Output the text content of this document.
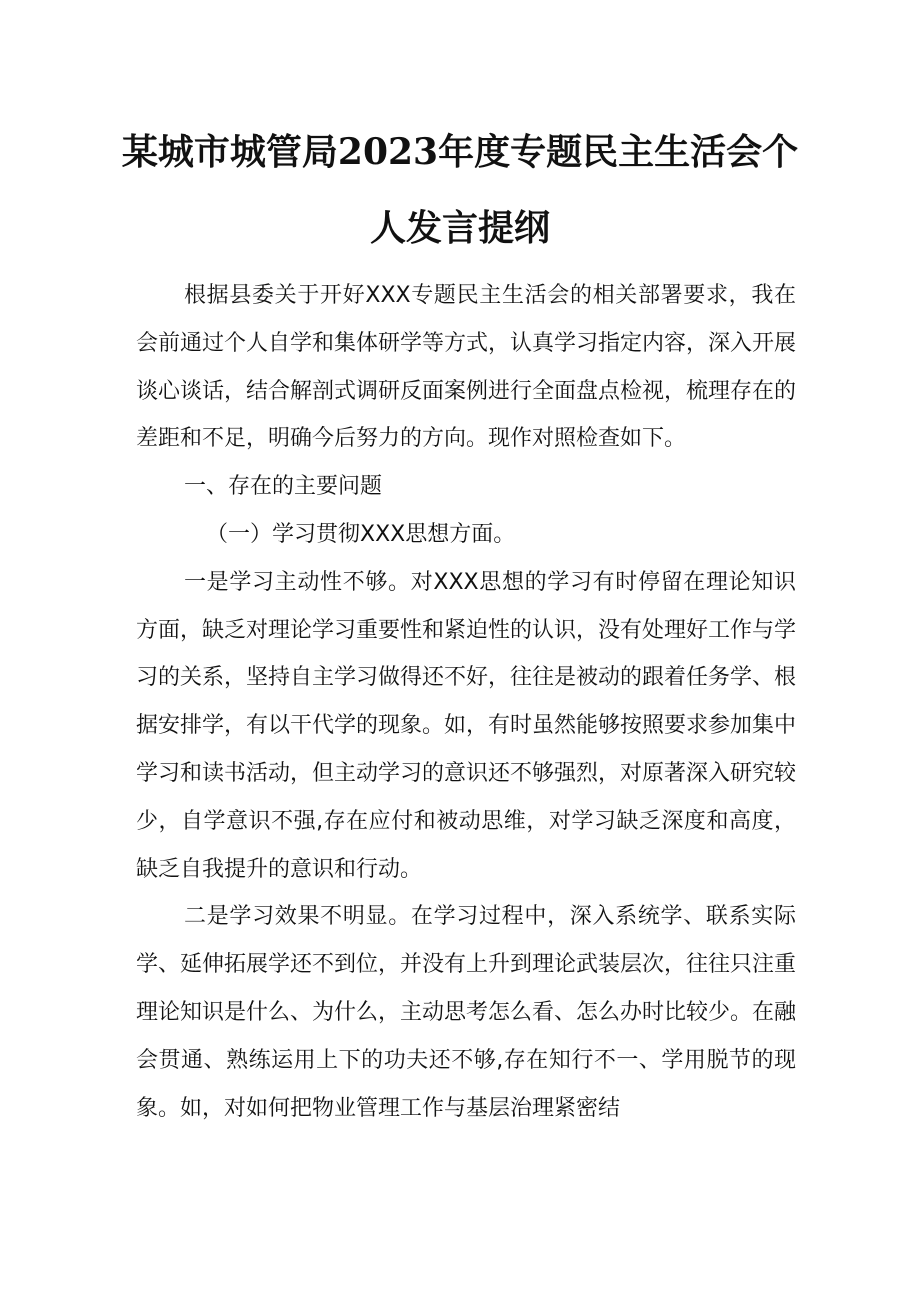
某城市城管局2023年度专题民主生活会个
人发言提纲

根据县委关于开好XXX专题民主生活会的相关部署要求，我在会前通过个人自学和集体研学等方式，认真学习指定内容，深入开展谈心谈话，结合解剖式调研反面案例进行全面盘点检视，梳理存在的差距和不足，明确今后努力的方向。现作对照检查如下。

一、存在的主要问题

（一）学习贯彻XXX思想方面。

一是学习主动性不够。对XXX思想的学习有时停留在理论知识方面，缺乏对理论学习重要性和紧迫性的认识，没有处理好工作与学习的关系，坚持自主学习做得还不好，往往是被动的跟着任务学、根据安排学，有以干代学的现象。如，有时虽然能够按照要求参加集中学习和读书活动，但主动学习的意识还不够强烈，对原著深入研究较少，自学意识不强,存在应付和被动思维，对学习缺乏深度和高度，缺乏自我提升的意识和行动。

二是学习效果不明显。在学习过程中，深入系统学、联系实际学、延伸拓展学还不到位，并没有上升到理论武装层次，往往只注重理论知识是什么、为什么，主动思考怎么看、怎么办时比较少。在融会贯通、熟练运用上下的功夫还不够,存在知行不一、学用脱节的现象。如，对如何把物业管理工作与基层治理紧密结
